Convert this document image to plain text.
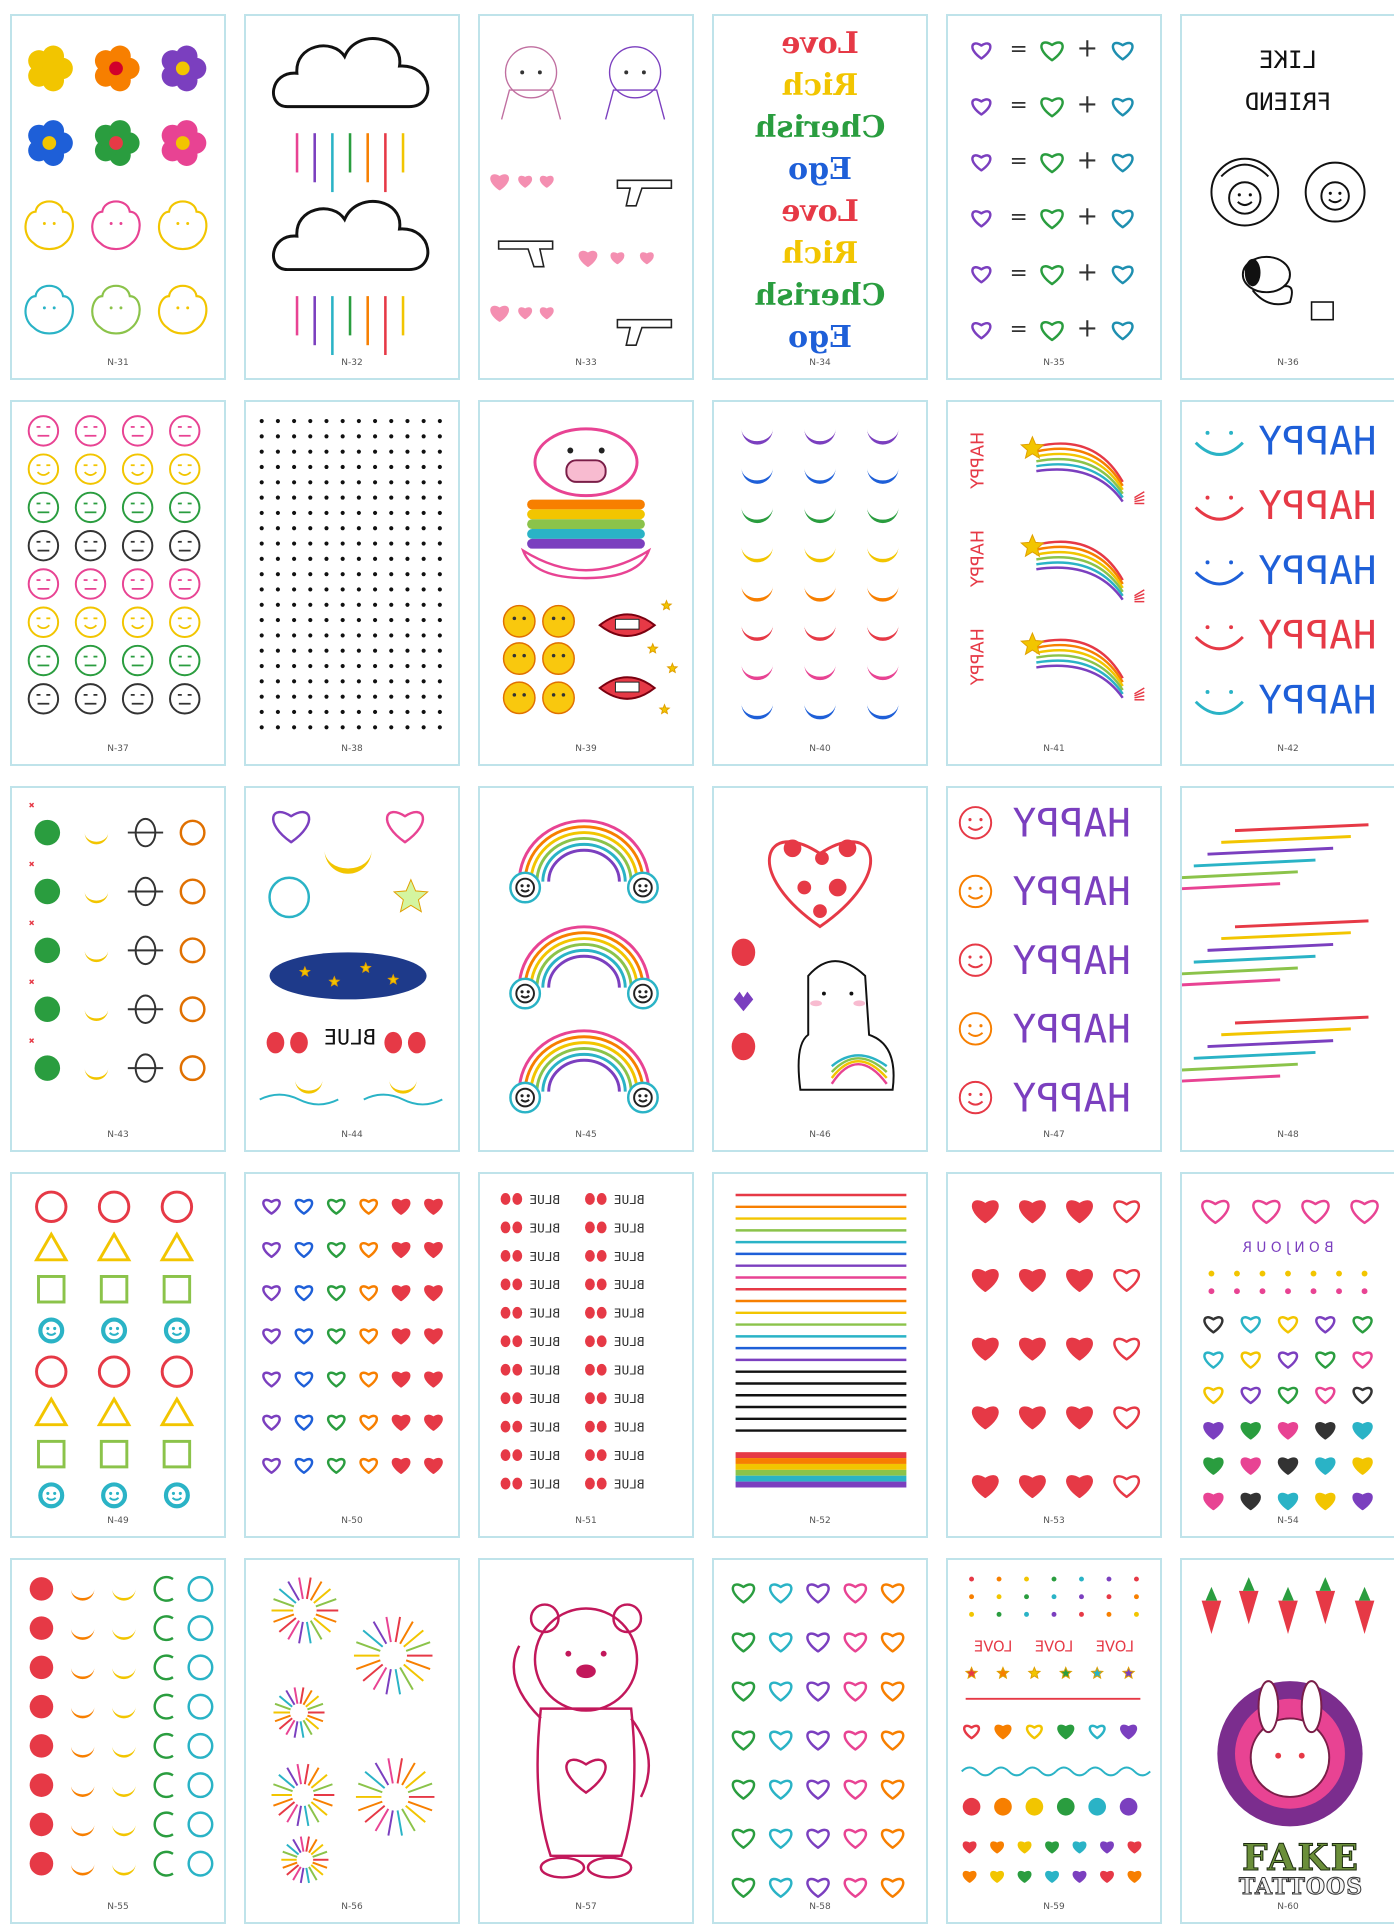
N-31	N-32	N-33
Love
Rich
Cherish
Ego
Love
Rich
Cherish
Ego
N-34
= +
= +
= +
= +
= +
= +
N-35
LIKE
FRIEND
N-36
N-37	N-38	N-39	N-40
HAPPY
HAPPY
HAPPY
N-41
HAPPY
HAPPY
HAPPY
HAPPY
HAPPY
N-42
N-43
BLUE
N-44	N-45	N-46
HAPPY
HAPPY
HAPPY
HAPPY
HAPPY
N-47	N-48
N-49	N-50
BLUE	BLUE
BLUE	BLUE
BLUE	BLUE
BLUE	BLUE
BLUE	BLUE
BLUE	BLUE
BLUE	BLUE
BLUE	BLUE
BLUE	BLUE
BLUE	BLUE
BLUE	BLUE
N-51	N-52	N-53
B O N J O U R
N-54
N-55	N-56	N-57	N-58
LOVE LOVE LOVE
N-59
FAKE
TATTOOS
N-60
